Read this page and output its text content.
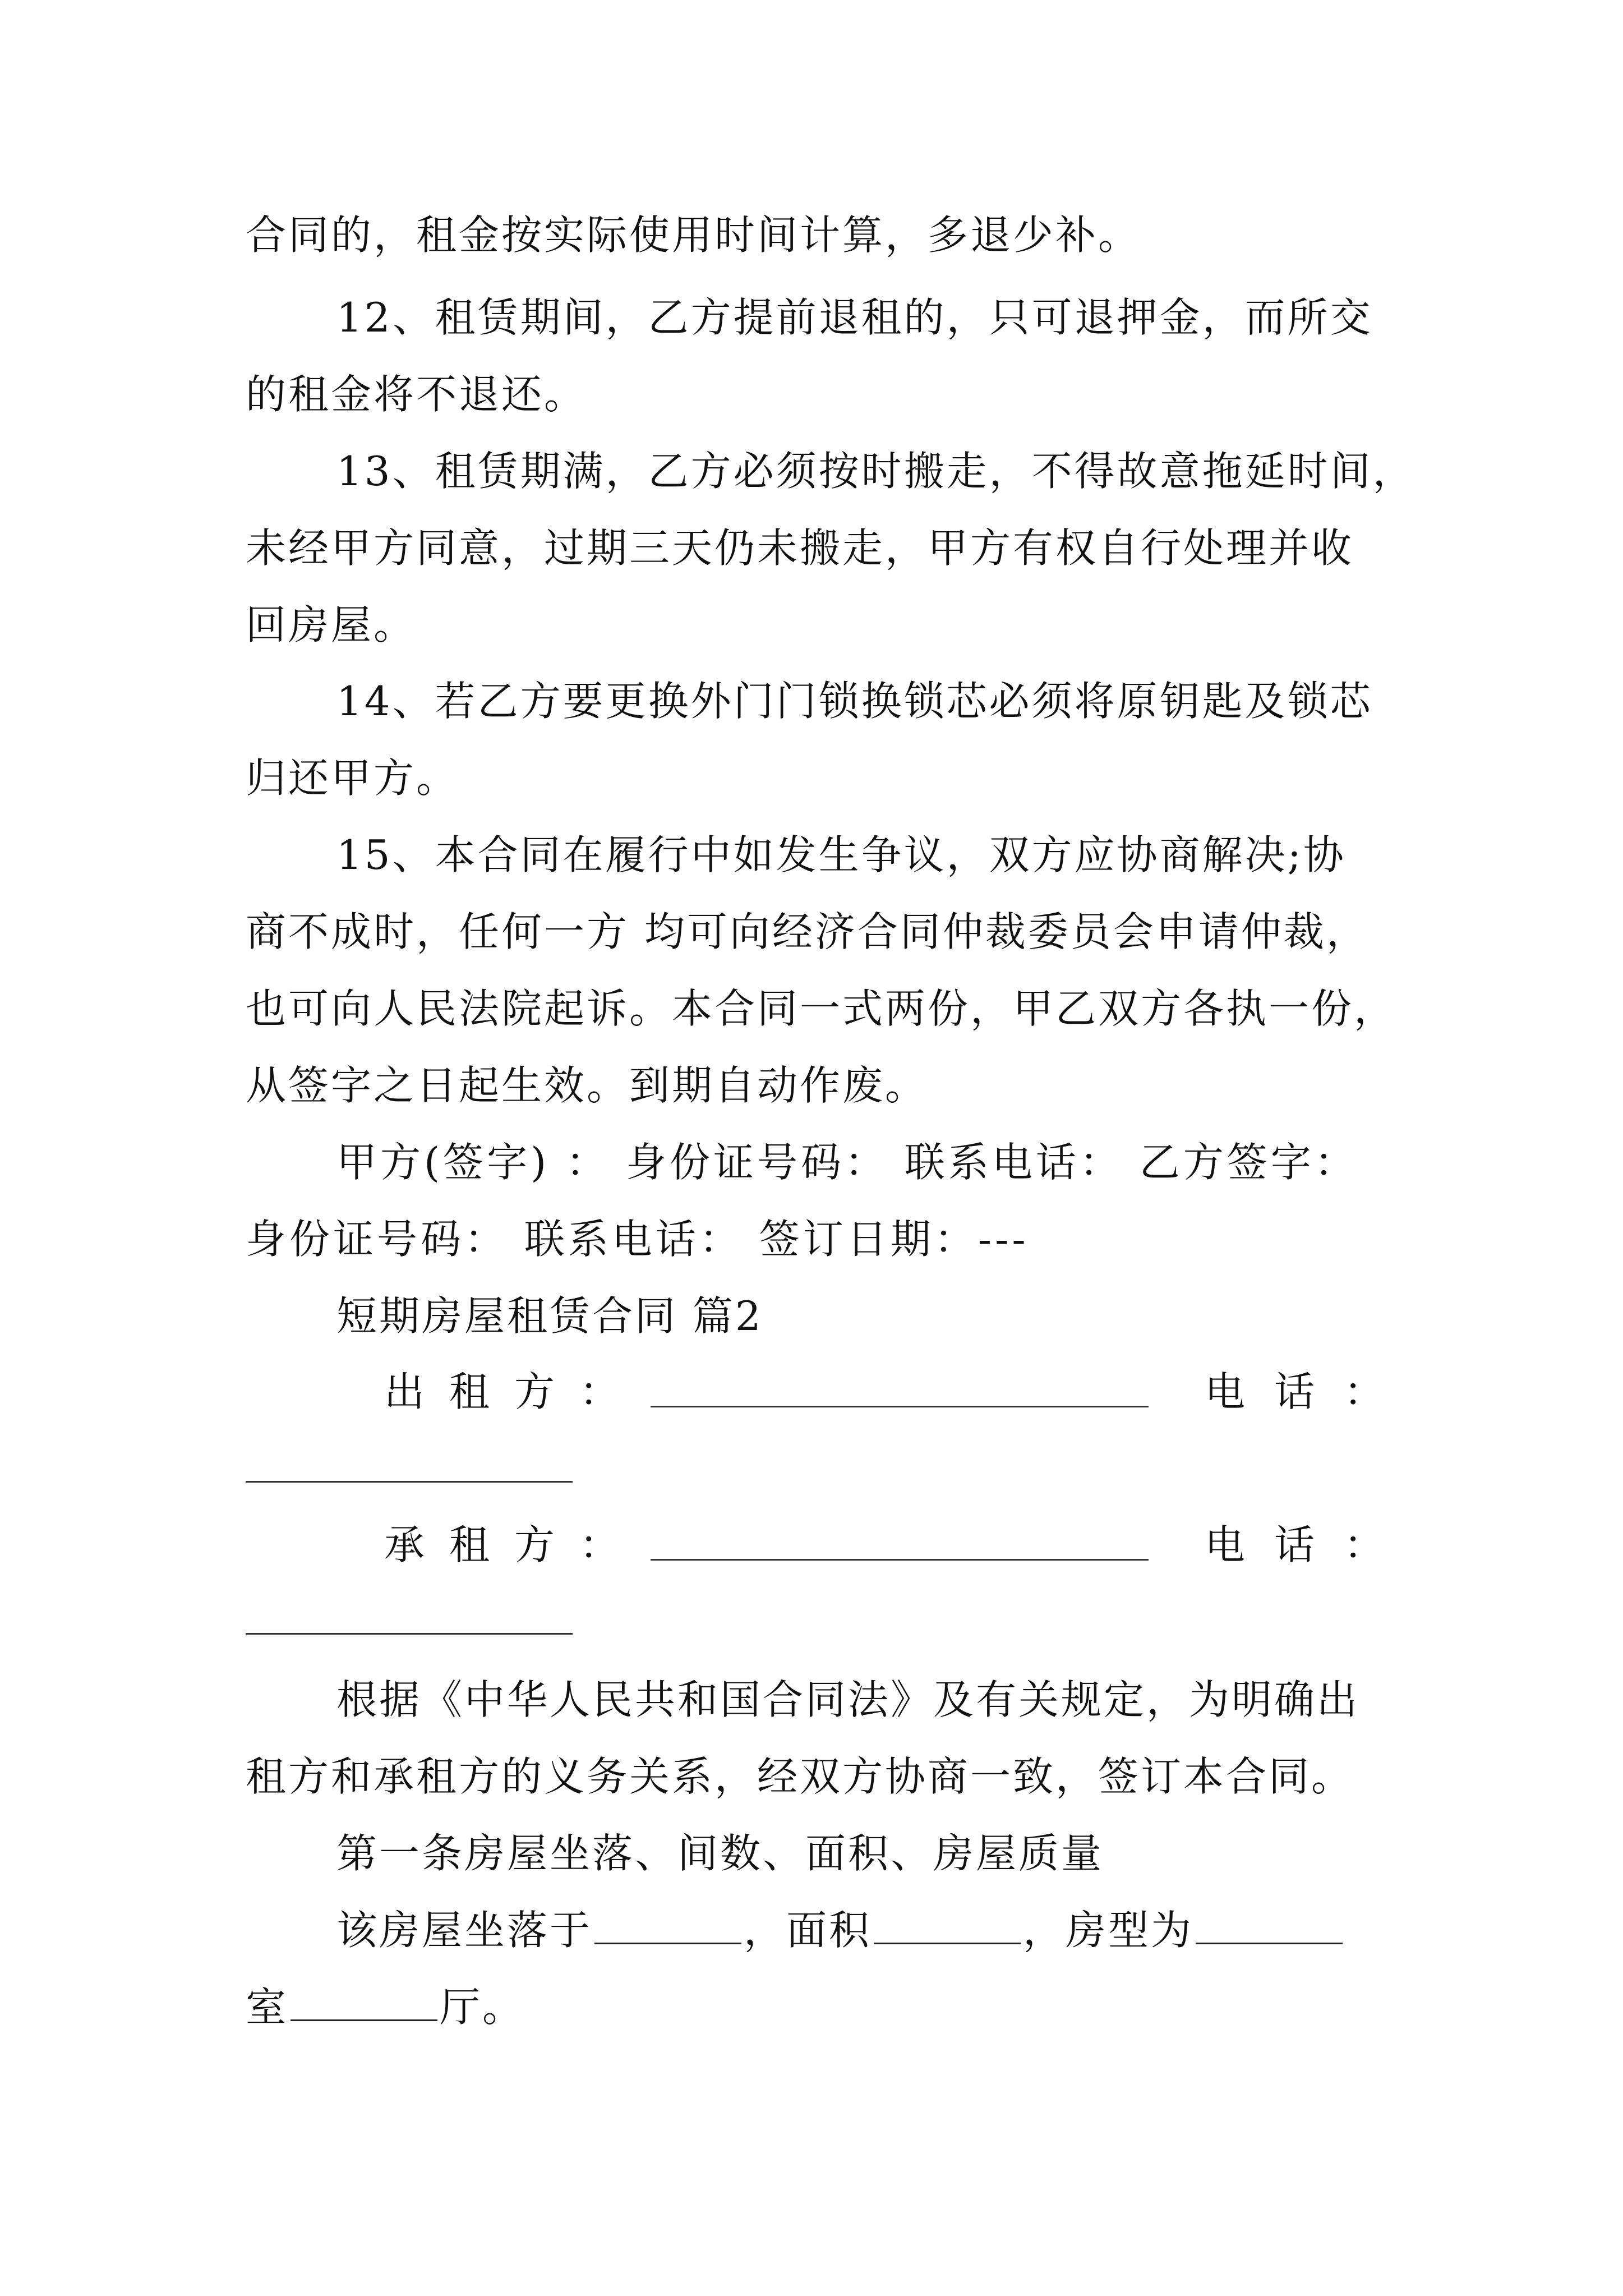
合同的，租金按实际使用时间计算，多退少补。
12、租赁期间，乙方提前退租的，只可退押金，而所交
的租金将不退还。
13、租赁期满，乙方必须按时搬走，不得故意拖延时间，
未经甲方同意，过期三天仍未搬走，甲方有权自行处理并收
回房屋。
14、若乙方要更换外门门锁换锁芯必须将原钥匙及锁芯
归还甲方。
15、本合同在履行中如发生争议，双方应协商解决;协
商不成时，任何一方 均可向经济合同仲裁委员会申请仲裁，
也可向人民法院起诉。本合同一式两份，甲乙双方各执一份，
从签字之日起生效。到期自动作废。
甲方(签字) ： 身份证号码： 联系电话： 乙方签字：
身份证号码： 联系电话： 签订日期：---
短期房屋租赁合同 篇2
出租方：	电话：
承租方：	电话：
根据《中华人民共和国合同法》及有关规定，为明确出
租方和承租方的义务关系，经双方协商一致，签订本合同。
第一条房屋坐落、间数、面积、房屋质量
该房屋坐落于	，面积	，房型为
室	厅。
